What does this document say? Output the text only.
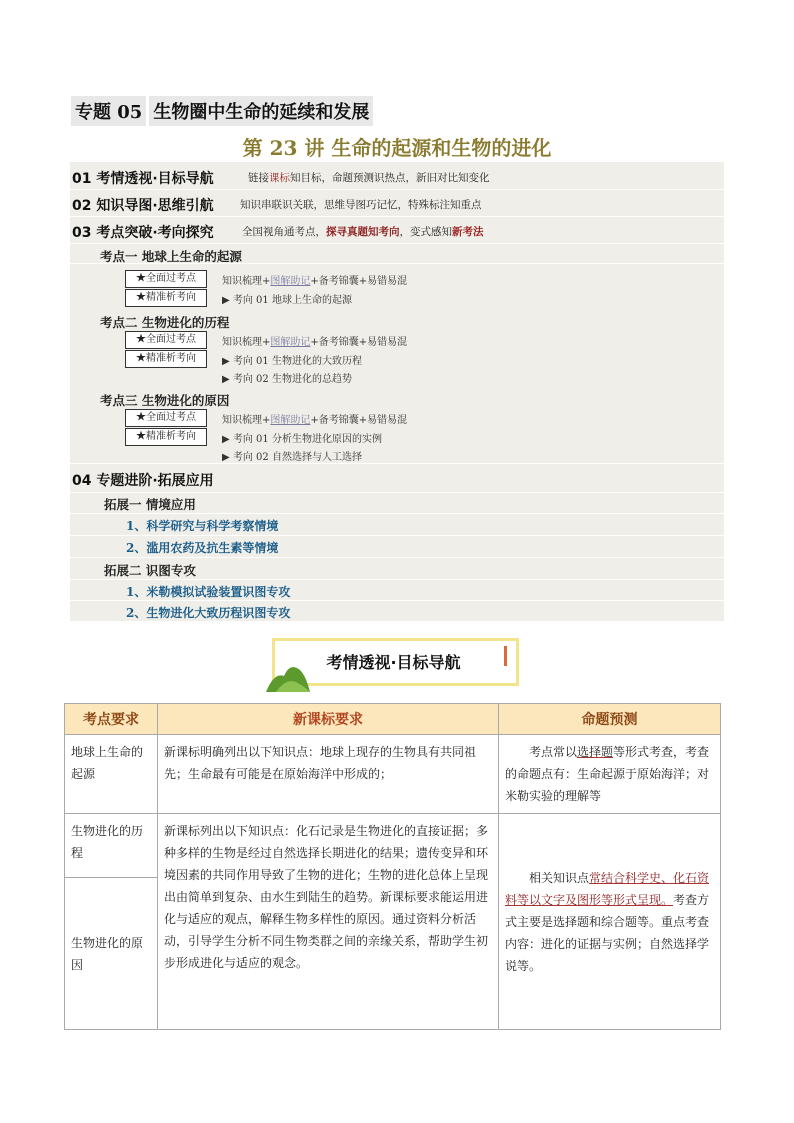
专题 05 生物圈中生命的延续和发展
第 23 讲 生命的起源和生物的进化
01 考情透视·目标导航	链接课标知目标，命题预测识热点，新旧对比知变化
02 知识导图·思维引航	知识串联识关联，思维导图巧记忆，特殊标注知重点
03 考点突破·考向探究	全国视角通考点，探寻真题知考向，变式感知新考法
考点一 地球上生命的起源
★全面过考点	知识梳理+图解助记+备考锦囊+易错易混
★精准析考向	▶ 考向 01 地球上生命的起源
考点二 生物进化的历程
★全面过考点	知识梳理+图解助记+备考锦囊+易错易混
★精准析考向	▶ 考向 01 生物进化的大致历程
▶ 考向 02 生物进化的总趋势
考点三 生物进化的原因
★全面过考点	知识梳理+图解助记+备考锦囊+易错易混
★精准析考向	▶ 考向 01 分析生物进化原因的实例
▶ 考向 02 自然选择与人工选择
04 专题进阶·拓展应用
拓展一 情境应用
1、科学研究与科学考察情境
2、滥用农药及抗生素等情境
拓展二 识图专攻
1、米勒模拟试验装置识图专攻
2、生物进化大致历程识图专攻
考情透视·目标导航
考点要求	新课标要求	命题预测
地球上生命的起源	新课标明确列出以下知识点：地球上现存的生物具有共同祖先；生命最有可能是在原始海洋中形成的；	考点常以选择题等形式考查，考查的命题点有：生命起源于原始海洋；对米勒实验的理解等
生物进化的历程	新课标列出以下知识点：化石记录是生物进化的直接证据；多种多样的生物是经过自然选择长期进化的结果；遗传变异和环境因素的共同作用导致了生物的进化；生物的进化总体上呈现出由简单到复杂、由水生到陆生的趋势。新课标要求能运用进化与适应的观点，解释生物多样性的原因。通过资料分析活动，引导学生分析不同生物类群之间的亲缘关系，帮助学生初步形成进化与适应的观念。	相关知识点常结合科学史、化石资料等以文字及图形等形式呈现。考查方式主要是选择题和综合题等。重点考查内容：进化的证据与实例；自然选择学说等。
生物进化的原因		
